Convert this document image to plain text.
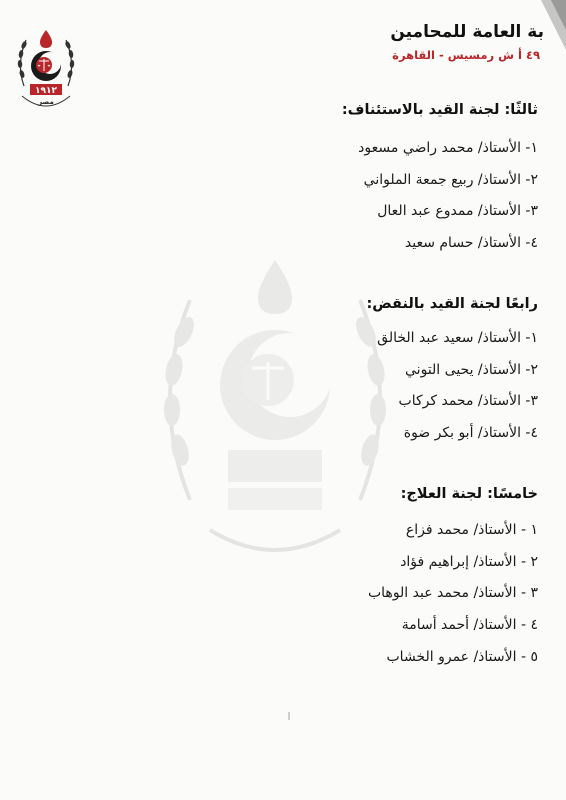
١٩١٢
مصر
بة العامة للمحامين
٤٩ أ ش رمسيس - القاهرة
ثالثًا: لجنة القيد بالاستئناف:
١- الأستاذ/ محمد راضي مسعود
٢- الأستاذ/ ربيع جمعة الملواني
٣- الأستاذ/ ممدوع عبد العال
٤- الأستاذ/ حسام سعيد
رابعًا لجنة القيد بالنقض:
١- الأستاذ/ سعيد عبد الخالق
٢- الأستاذ/ يحيى التوني
٣- الأستاذ/ محمد كركاب
٤- الأستاذ/ أبو بكر ضوة
خامسًا: لجنة العلاج:
١ - الأستاذ/ محمد فزاع
٢ - الأستاذ/ إبراهيم فؤاد
٣ - الأستاذ/ محمد عبد الوهاب
٤ - الأستاذ/ أحمد أسامة
٥ - الأستاذ/ عمرو الخشاب
